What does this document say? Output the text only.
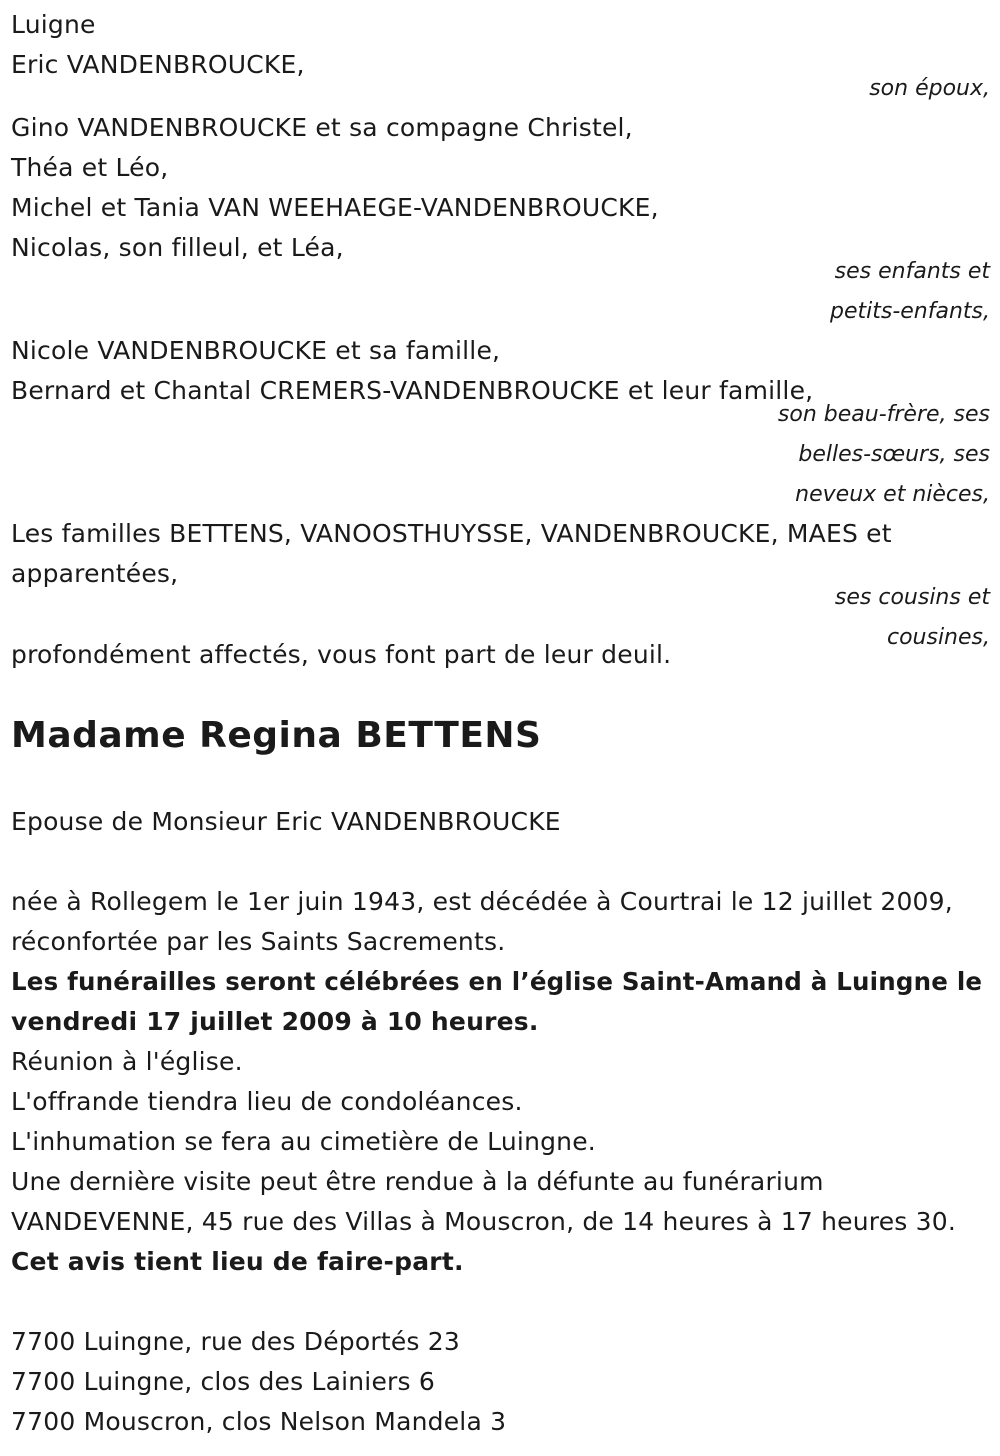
Luigne
Eric VANDENBROUCKE,
son époux,
Gino VANDENBROUCKE et sa compagne Christel,
Théa et Léo,
Michel et Tania VAN WEEHAEGE-VANDENBROUCKE,
Nicolas, son filleul, et Léa,
ses enfants et
petits-enfants,
Nicole VANDENBROUCKE et sa famille,
Bernard et Chantal CREMERS-VANDENBROUCKE et leur famille,
son beau-frère, ses
belles-sœurs, ses
neveux et nièces,
Les familles BETTENS, VANOOSTHUYSSE, VANDENBROUCKE, MAES et
apparentées,
ses cousins et
cousines,
profondément affectés, vous font part de leur deuil.
Madame Regina BETTENS
Epouse de Monsieur Eric VANDENBROUCKE
née à Rollegem le 1er juin 1943, est décédée à Courtrai le 12 juillet 2009,
réconfortée par les Saints Sacrements.
Les funérailles seront célébrées en l’église Saint-Amand à Luingne le
vendredi 17 juillet 2009 à 10 heures.
Réunion à l'église.
L'offrande tiendra lieu de condoléances.
L'inhumation se fera au cimetière de Luingne.
Une dernière visite peut être rendue à la défunte au funérarium
VANDEVENNE, 45 rue des Villas à Mouscron, de 14 heures à 17 heures 30.
Cet avis tient lieu de faire-part.
7700 Luingne, rue des Déportés 23
7700 Luingne, clos des Lainiers 6
7700 Mouscron, clos Nelson Mandela 3
